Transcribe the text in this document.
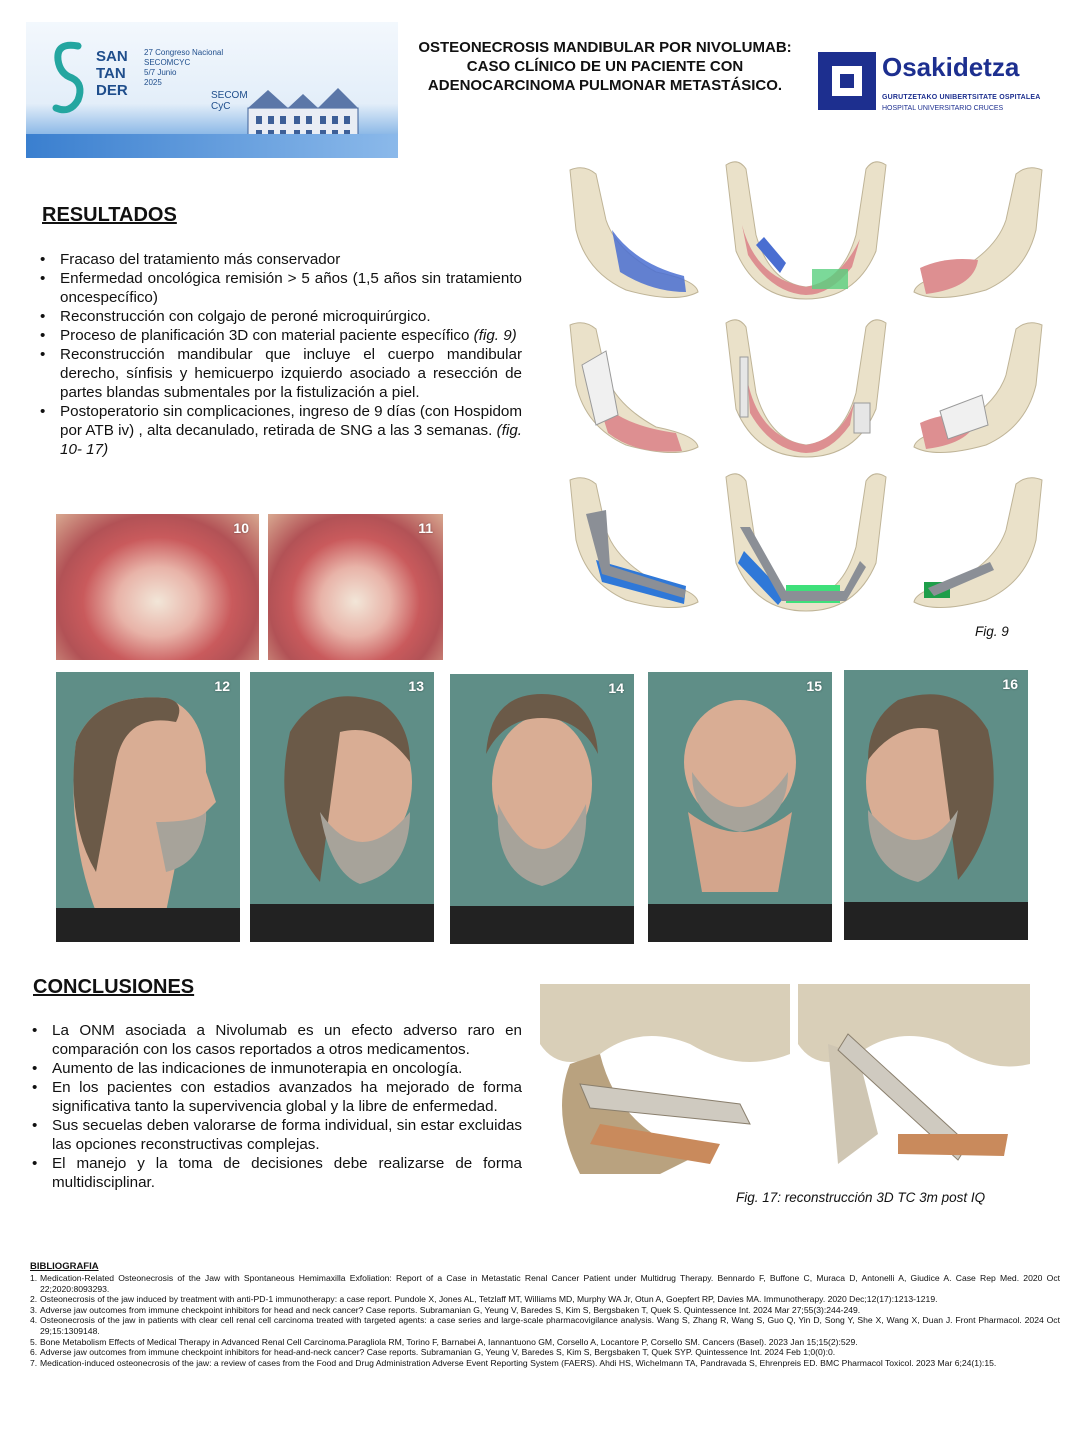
SAN
TAN
DER
27 Congreso Nacional
SECOMCYC
5/7 Junio
2025
SECOM
CyC
OSTEONECROSIS MANDIBULAR POR NIVOLUMAB: CASO CLÍNICO DE UN PACIENTE CON ADENOCARCINOMA PULMONAR METASTÁSICO.
Osakidetza
GURUTZETAKO UNIBERTSITATE OSPITALEA
HOSPITAL UNIVERSITARIO CRUCES
RESULTADOS
• Fracaso del tratamiento más conservador
• Enfermedad oncológica remisión > 5 años (1,5 años sin tratamiento oncespecífico)
• Reconstrucción con colgajo de peroné microquirúrgico.
• Proceso de planificación 3D con material paciente específico (fig. 9)
• Reconstrucción mandibular que incluye el cuerpo mandibular derecho, sínfisis y hemicuerpo izquierdo asociado a resección de partes blandas submentales por la fistulización a piel.
• Postoperatorio sin complicaciones, ingreso de 9 días (con Hospidom por ATB iv) , alta decanulado, retirada de SNG a las 3 semanas. (fig. 10- 17)
Fig. 9
10	11
12	13	14	15	16
CONCLUSIONES
• La ONM asociada a Nivolumab es un efecto adverso raro en comparación con los casos reportados a otros medicamentos.
• Aumento de las indicaciones de inmunoterapia en oncología.
• En los pacientes con estadios avanzados ha mejorado de forma significativa tanto la supervivencia global y la libre de enfermedad.
• Sus secuelas deben valorarse de forma individual, sin estar excluidas las opciones reconstructivas complejas.
• El manejo y la toma de decisiones debe realizarse de forma multidisciplinar.
Fig. 17: reconstrucción 3D TC 3m post IQ
BIBLIOGRAFIA
1. Medication-Related Osteonecrosis of the Jaw with Spontaneous Hemimaxilla Exfoliation: Report of a Case in Metastatic Renal Cancer Patient under Multidrug Therapy. Bennardo F, Buffone C, Muraca D, Antonelli A, Giudice A. Case Rep Med. 2020 Oct 22;2020:8093293.
2. Osteonecrosis of the jaw induced by treatment with anti-PD-1 immunotherapy: a case report. Pundole X, Jones AL, Tetzlaff MT, Williams MD, Murphy WA Jr, Otun A, Goepfert RP, Davies MA. Immunotherapy. 2020 Dec;12(17):1213-1219.
3. Adverse jaw outcomes from immune checkpoint inhibitors for head and neck cancer? Case reports. Subramanian G, Yeung V, Baredes S, Kim S, Bergsbaken T, Quek S. Quintessence Int. 2024 Mar 27;55(3):244-249.
4. Osteonecrosis of the jaw in patients with clear cell renal cell carcinoma treated with targeted agents: a case series and large-scale pharmacovigilance analysis. Wang S, Zhang R, Wang S, Guo Q, Yin D, Song Y, She X, Wang X, Duan J. Front Pharmacol. 2024 Oct 29;15:1309148.
5. Bone Metabolism Effects of Medical Therapy in Advanced Renal Cell Carcinoma.Paragliola RM, Torino F, Barnabei A, Iannantuono GM, Corsello A, Locantore P, Corsello SM. Cancers (Basel). 2023 Jan 15;15(2):529.
6. Adverse jaw outcomes from immune checkpoint inhibitors for head-and-neck cancer? Case reports. Subramanian G, Yeung V, Baredes S, Kim S, Bergsbaken T, Quek SYP. Quintessence Int. 2024 Feb 1;0(0):0.
7. Medication-induced osteonecrosis of the jaw: a review of cases from the Food and Drug Administration Adverse Event Reporting System (FAERS). Ahdi HS, Wichelmann TA, Pandravada S, Ehrenpreis ED. BMC Pharmacol Toxicol. 2023 Mar 6;24(1):15.
